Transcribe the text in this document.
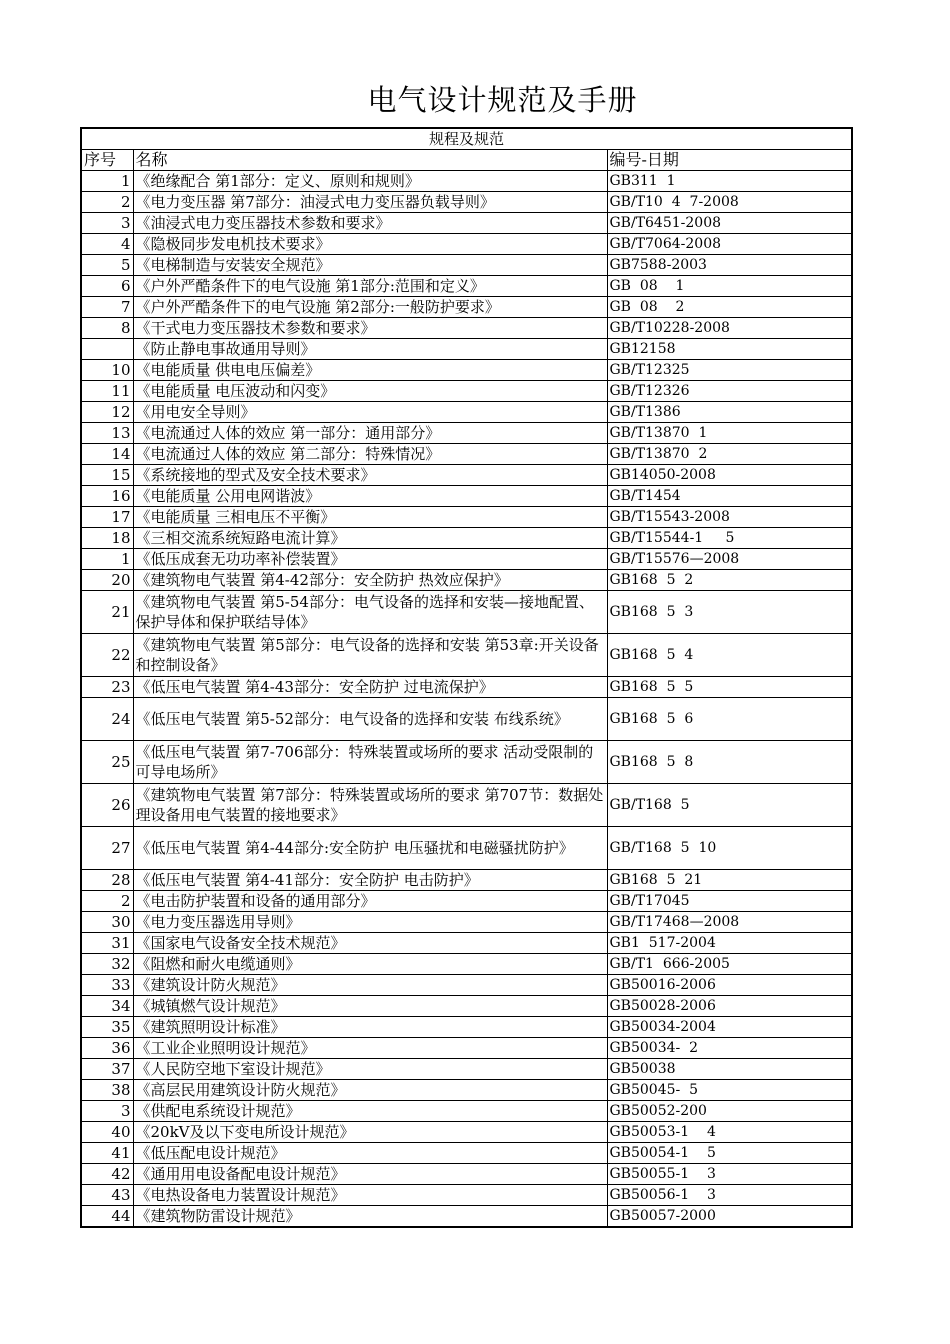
电气设计规范及手册
规程及规范		
序号	名称	编号-日期
1	《绝缘配合 第1部分：定义、原则和规则》	GB311  1
2	《电力变压器 第7部分：油浸式电力变压器负载导则》	GB/T10  4  7-2008
3	《油浸式电力变压器技术参数和要求》	GB/T6451-2008
4	《隐极同步发电机技术要求》	GB/T7064-2008
5	《电梯制造与安装安全规范》	GB7588-2003
6	《户外严酷条件下的电气设施 第1部分:范围和定义》	GB  08    1
7	《户外严酷条件下的电气设施 第2部分:一般防护要求》	GB  08    2
8	《干式电力变压器技术参数和要求》	GB/T10228-2008
	《防止静电事故通用导则》	GB12158
10	《电能质量 供电电压偏差》	GB/T12325
11	《电能质量 电压波动和闪变》	GB/T12326
12	《用电安全导则》	GB/T1386
13	《电流通过人体的效应 第一部分：通用部分》	GB/T13870  1
14	《电流通过人体的效应 第二部分：特殊情况》	GB/T13870  2
15	《系统接地的型式及安全技术要求》	GB14050-2008
16	《电能质量 公用电网谐波》	GB/T1454
17	《电能质量 三相电压不平衡》	GB/T15543-2008
18	《三相交流系统短路电流计算》	GB/T15544-1     5
1	《低压成套无功功率补偿装置》	GB/T15576—2008
20	《建筑物电气装置 第4-42部分：安全防护 热效应保护》	GB168  5  2
21	《建筑物电气装置 第5-54部分：电气设备的选择和安装—接地配置、保护导体和保护联结导体》	GB168  5  3
22	《建筑物电气装置 第5部分：电气设备的选择和安装 第53章:开关设备和控制设备》	GB168  5  4
23	《低压电气装置 第4-43部分：安全防护 过电流保护》	GB168  5  5
24	《低压电气装置 第5-52部分：电气设备的选择和安装 布线系统》	GB168  5  6
25	《低压电气装置 第7-706部分：特殊装置或场所的要求 活动受限制的可导电场所》	GB168  5  8
26	《建筑物电气装置 第7部分：特殊装置或场所的要求 第707节：数据处理设备用电气装置的接地要求》	GB/T168  5
27	《低压电气装置 第4-44部分:安全防护 电压骚扰和电磁骚扰防护》	GB/T168  5  10
28	《低压电气装置 第4-41部分：安全防护 电击防护》	GB168  5  21
2	《电击防护装置和设备的通用部分》	GB/T17045
30	《电力变压器选用导则》	GB/T17468—2008
31	《国家电气设备安全技术规范》	GB1  517-2004
32	《阻燃和耐火电缆通则》	GB/T1  666-2005
33	《建筑设计防火规范》	GB50016-2006
34	《城镇燃气设计规范》	GB50028-2006
35	《建筑照明设计标准》	GB50034-2004
36	《工业企业照明设计规范》	GB50034-  2
37	《人民防空地下室设计规范》	GB50038
38	《高层民用建筑设计防火规范》	GB50045-  5
3	《供配电系统设计规范》	GB50052-200
40	《20kV及以下变电所设计规范》	GB50053-1    4
41	《低压配电设计规范》	GB50054-1    5
42	《通用用电设备配电设计规范》	GB50055-1    3
43	《电热设备电力装置设计规范》	GB50056-1    3
44	《建筑物防雷设计规范》	GB50057-2000
